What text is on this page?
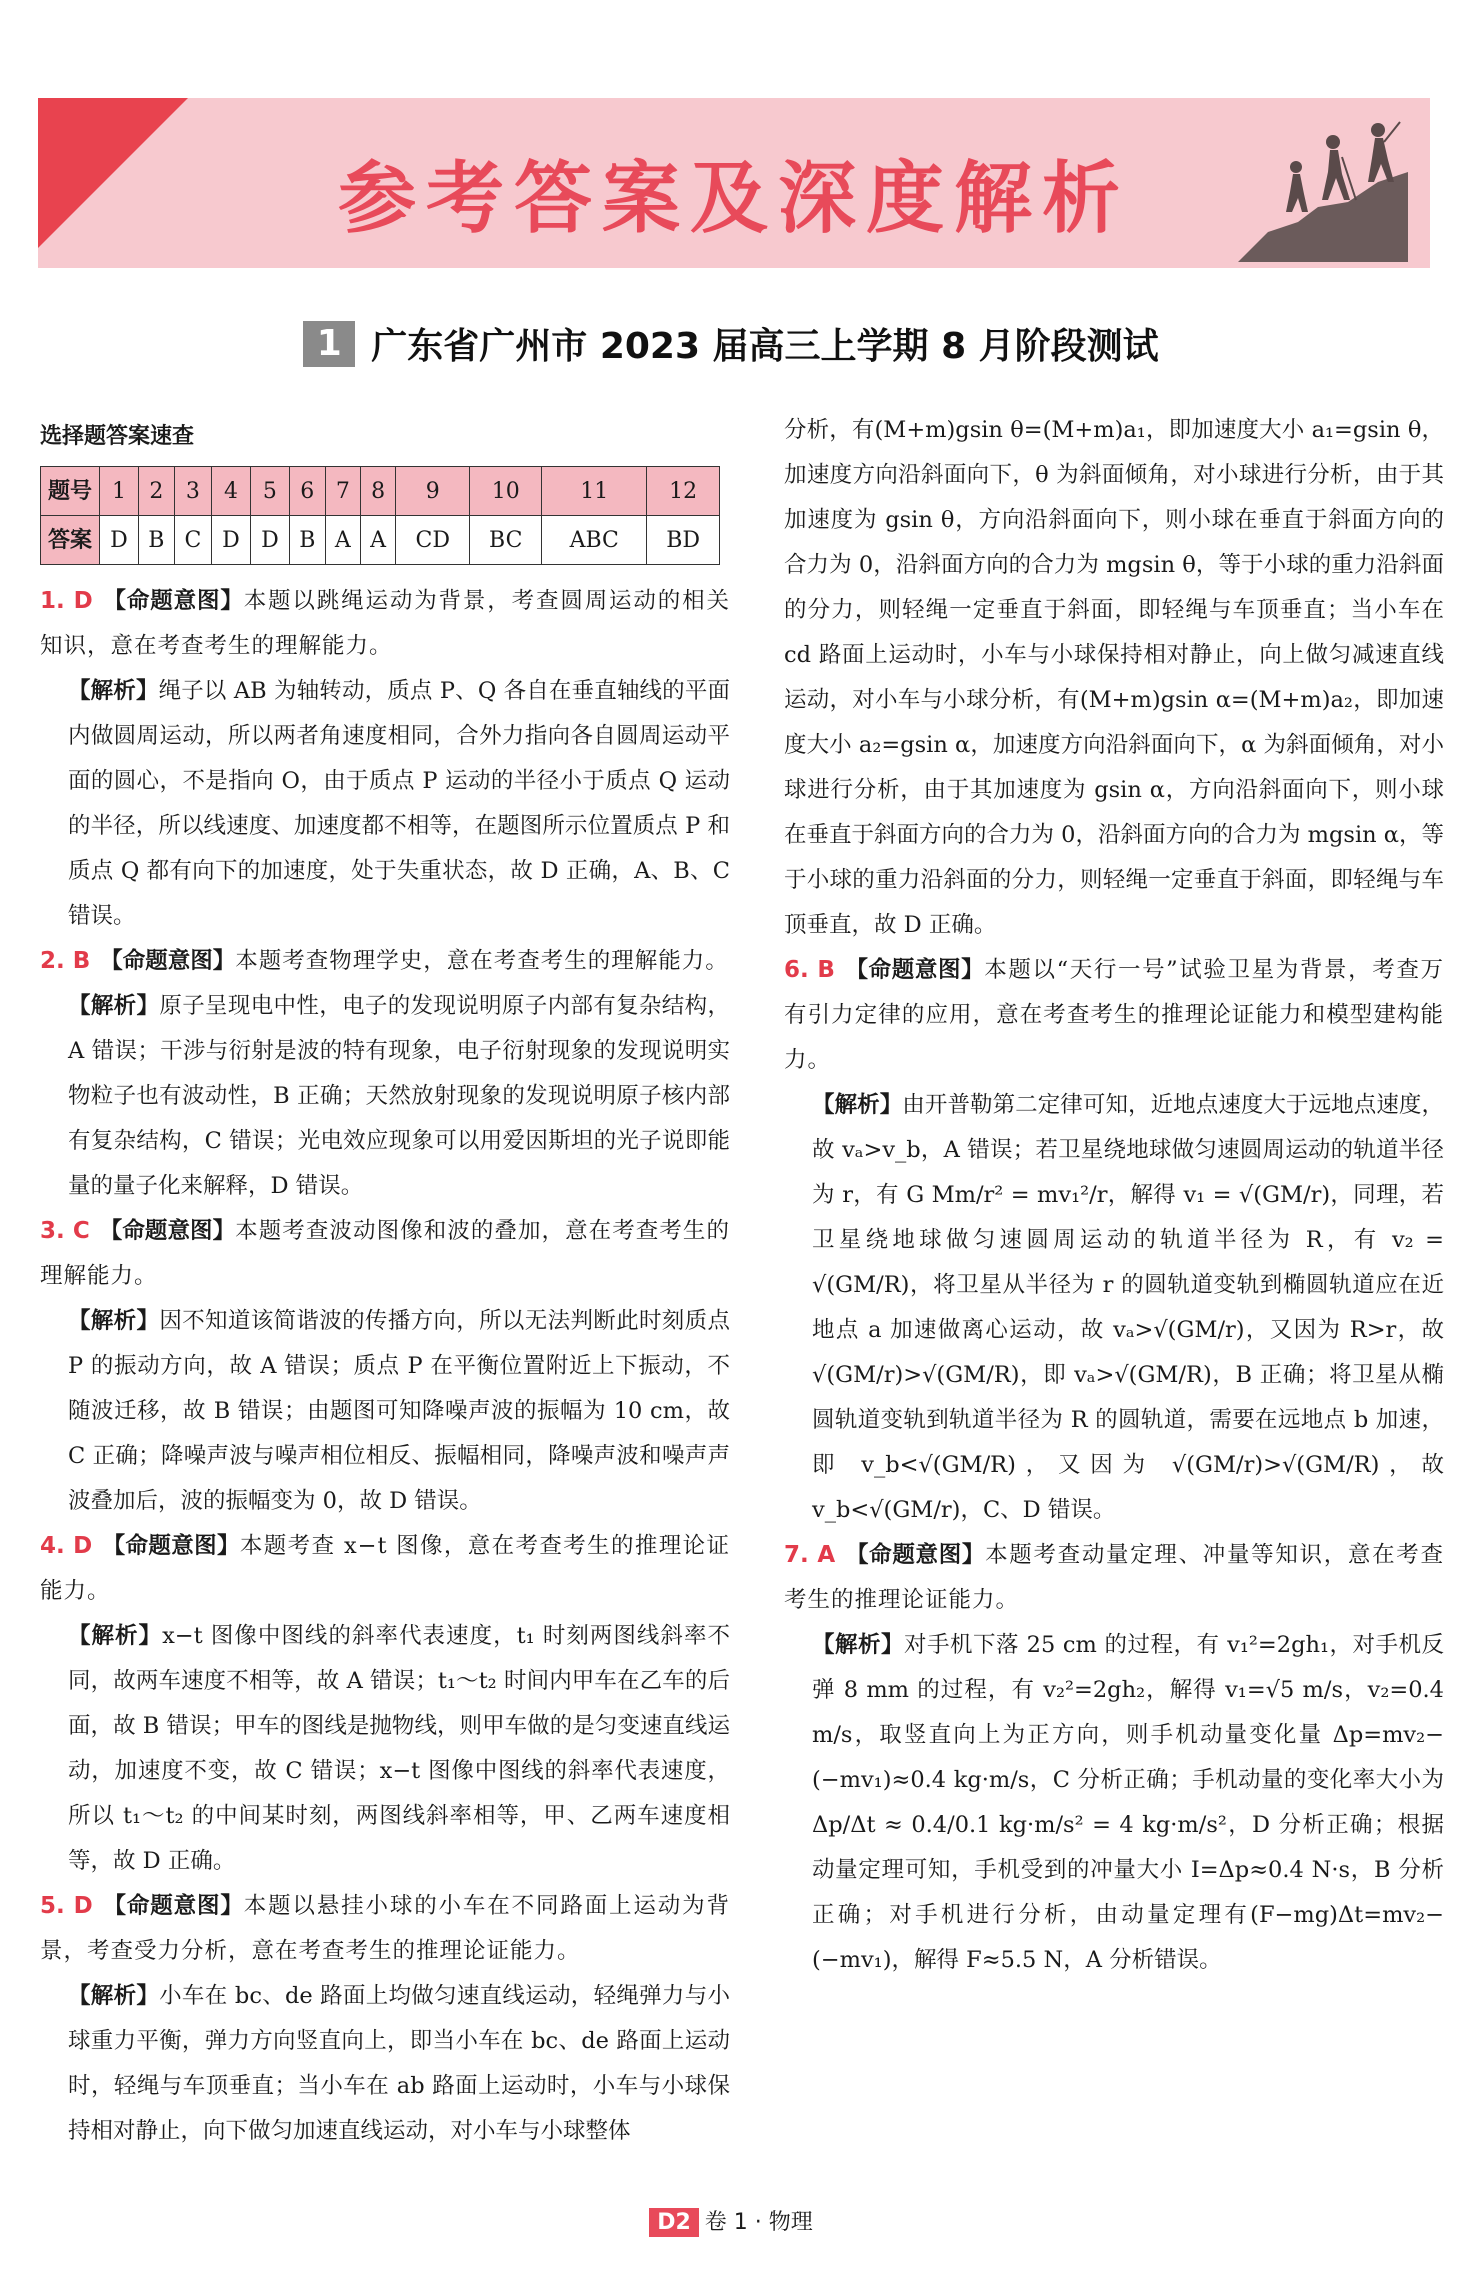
参考答案及深度解析
1 广东省广州市 2023 届高三上学期 8 月阶段测试
选择题答案速查
题号	1	2	3	4	5	6	7	8	9	10	11	12
答案	D	B	C	D	D	B	A	A	CD	BC	ABC	BD

1. D 【命题意图】本题以跳绳运动为背景，考查圆周运动的相关知识，意在考查考生的理解能力。

【解析】绳子以 AB 为轴转动，质点 P、Q 各自在垂直轴线的平面内做圆周运动，所以两者角速度相同，合外力指向各自圆周运动平面的圆心，不是指向 O，由于质点 P 运动的半径小于质点 Q 运动的半径，所以线速度、加速度都不相等，在题图所示位置质点 P 和质点 Q 都有向下的加速度，处于失重状态，故 D 正确，A、B、C 错误。

2. B 【命题意图】本题考查物理学史，意在考查考生的理解能力。

【解析】原子呈现电中性，电子的发现说明原子内部有复杂结构，A 错误；干涉与衍射是波的特有现象，电子衍射现象的发现说明实物粒子也有波动性，B 正确；天然放射现象的发现说明原子核内部有复杂结构，C 错误；光电效应现象可以用爱因斯坦的光子说即能量的量子化来解释，D 错误。

3. C 【命题意图】本题考查波动图像和波的叠加，意在考查考生的理解能力。

【解析】因不知道该简谐波的传播方向，所以无法判断此时刻质点 P 的振动方向，故 A 错误；质点 P 在平衡位置附近上下振动，不随波迁移，故 B 错误；由题图可知降噪声波的振幅为 10 cm，故 C 正确；降噪声波与噪声相位相反、振幅相同，降噪声波和噪声声波叠加后，波的振幅变为 0，故 D 错误。

4. D 【命题意图】本题考查 x−t 图像，意在考查考生的推理论证能力。

【解析】x−t 图像中图线的斜率代表速度，t₁ 时刻两图线斜率不同，故两车速度不相等，故 A 错误；t₁～t₂ 时间内甲车在乙车的后面，故 B 错误；甲车的图线是抛物线，则甲车做的是匀变速直线运动，加速度不变，故 C 错误；x−t 图像中图线的斜率代表速度，所以 t₁～t₂ 的中间某时刻，两图线斜率相等，甲、乙两车速度相等，故 D 正确。

5. D 【命题意图】本题以悬挂小球的小车在不同路面上运动为背景，考查受力分析，意在考查考生的推理论证能力。

【解析】小车在 bc、de 路面上均做匀速直线运动，轻绳弹力与小球重力平衡，弹力方向竖直向上，即当小车在 bc、de 路面上运动时，轻绳与车顶垂直；当小车在 ab 路面上运动时，小车与小球保持相对静止，向下做匀加速直线运动，对小车与小球整体

分析，有(M+m)gsin θ=(M+m)a₁，即加速度大小 a₁=gsin θ，加速度方向沿斜面向下，θ 为斜面倾角，对小球进行分析，由于其加速度为 gsin θ，方向沿斜面向下，则小球在垂直于斜面方向的合力为 0，沿斜面方向的合力为 mgsin θ，等于小球的重力沿斜面的分力，则轻绳一定垂直于斜面，即轻绳与车顶垂直；当小车在 cd 路面上运动时，小车与小球保持相对静止，向上做匀减速直线运动，对小车与小球分析，有(M+m)gsin α=(M+m)a₂，即加速度大小 a₂=gsin α，加速度方向沿斜面向下，α 为斜面倾角，对小球进行分析，由于其加速度为 gsin α，方向沿斜面向下，则小球在垂直于斜面方向的合力为 0，沿斜面方向的合力为 mgsin α，等于小球的重力沿斜面的分力，则轻绳一定垂直于斜面，即轻绳与车顶垂直，故 D 正确。

6. B 【命题意图】本题以“天行一号”试验卫星为背景，考查万有引力定律的应用，意在考查考生的推理论证能力和模型建构能力。

【解析】由开普勒第二定律可知，近地点速度大于远地点速度，故 vₐ>v_b，A 错误；若卫星绕地球做匀速圆周运动的轨道半径为 r，有 G Mm/r² = mv₁²/r，解得 v₁ = √(GM/r)，同理，若卫星绕地球做匀速圆周运动的轨道半径为 R，有 v₂ = √(GM/R)，将卫星从半径为 r 的圆轨道变轨到椭圆轨道应在近地点 a 加速做离心运动，故 vₐ>√(GM/r)，又因为 R>r，故 √(GM/r)>√(GM/R)，即 vₐ>√(GM/R)，B 正确；将卫星从椭圆轨道变轨到轨道半径为 R 的圆轨道，需要在远地点 b 加速，即 v_b<√(GM/R)，又因为 √(GM/r)>√(GM/R)，故 v_b<√(GM/r)，C、D 错误。

7. A 【命题意图】本题考查动量定理、冲量等知识，意在考查考生的推理论证能力。

【解析】对手机下落 25 cm 的过程，有 v₁²=2gh₁，对手机反弹 8 mm 的过程，有 v₂²=2gh₂，解得 v₁=√5 m/s，v₂=0.4 m/s，取竖直向上为正方向，则手机动量变化量 Δp=mv₂−(−mv₁)≈0.4 kg·m/s，C 分析正确；手机动量的变化率大小为 Δp/Δt ≈ 0.4/0.1 kg·m/s² = 4 kg·m/s²，D 分析正确；根据动量定理可知，手机受到的冲量大小 I=Δp≈0.4 N·s，B 分析正确；对手机进行分析，由动量定理有(F−mg)Δt=mv₂−(−mv₁)，解得 F≈5.5 N，A 分析错误。

D2 卷 1 · 物理
